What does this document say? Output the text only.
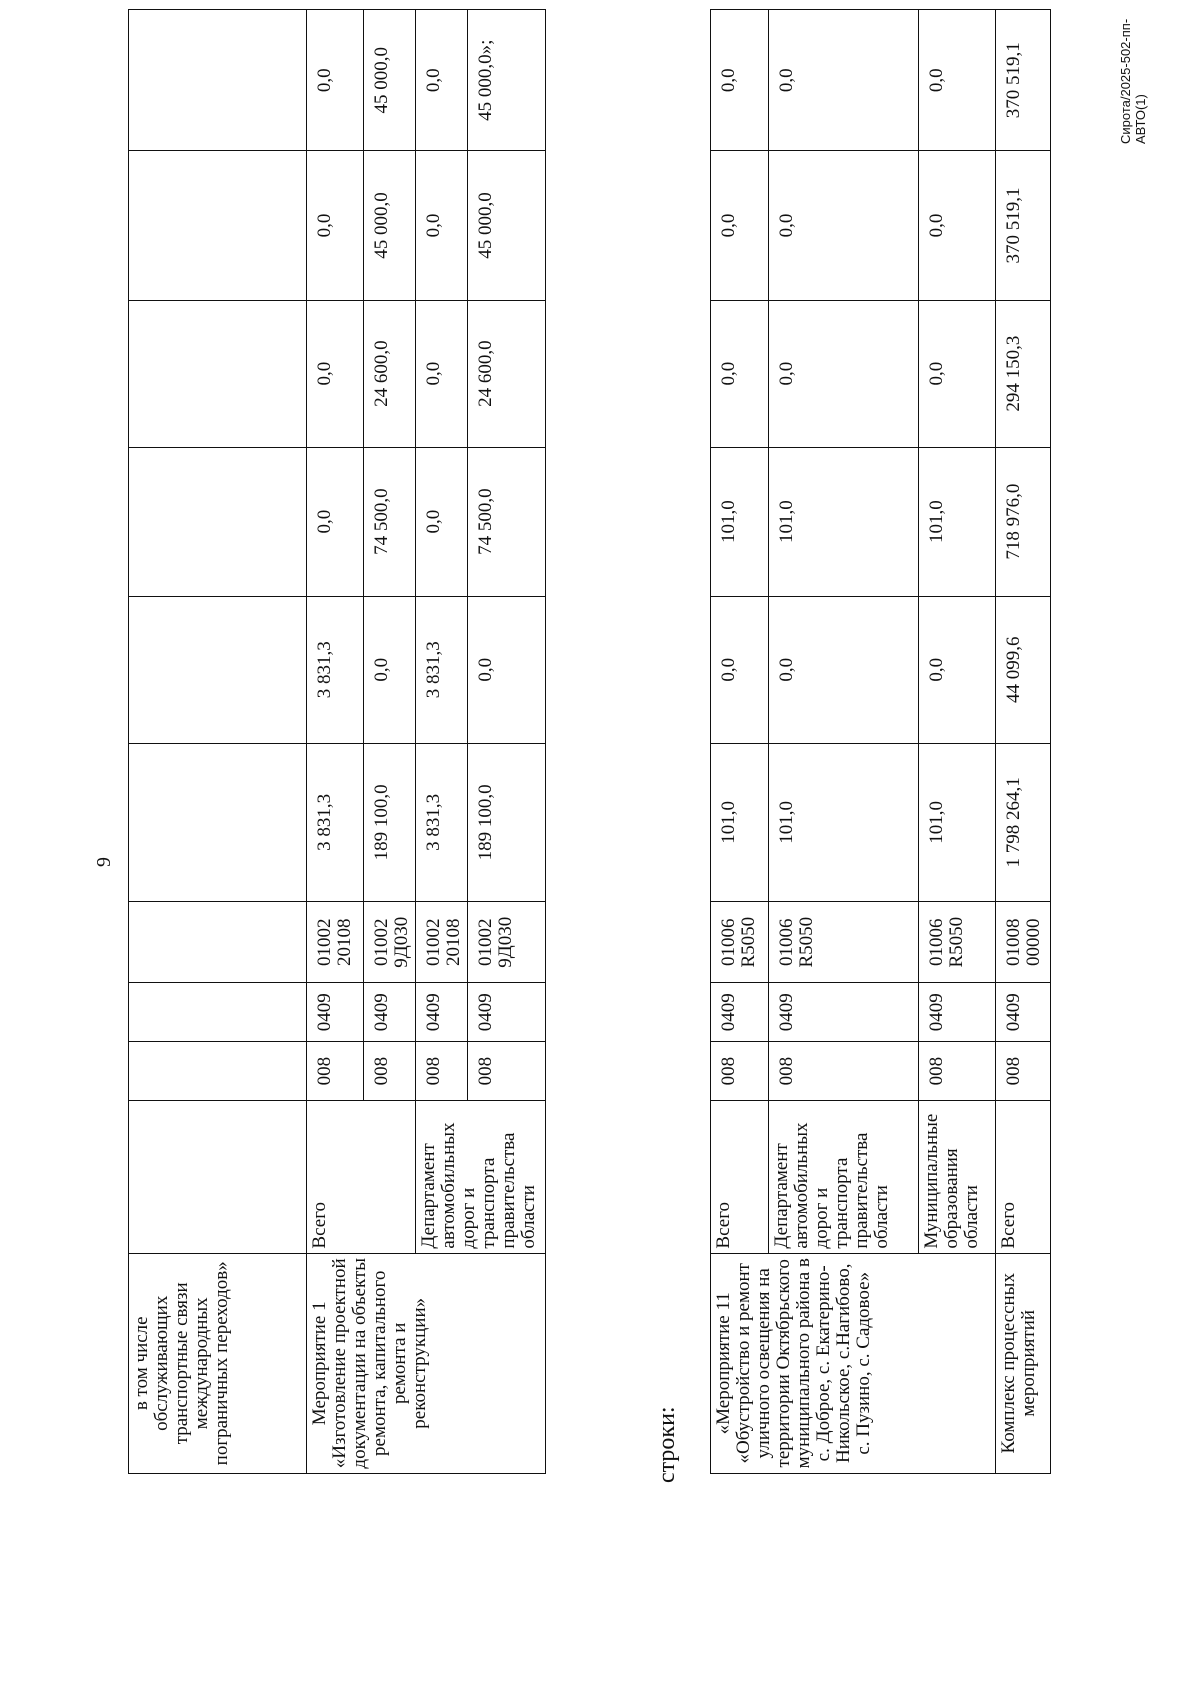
9
в том числе обслуживающих транспортные связи международных пограничных переходов»										
Мероприятие 1 «Изготовление проектной документации на объекты ремонта, капитального ремонта и реконструкции»	Всего	008	0409	01002 20108	3 831,3	3 831,3	0,0	0,0	0,0	0,0
		008	0409	01002 9Д030	189 100,0	0,0	74 500,0	24 600,0	45 000,0	45 000,0
	Департамент автомобильных дорог и транспорта правительства области	008	0409	01002 20108	3 831,3	3 831,3	0,0	0,0	0,0	0,0
		008	0409	01002 9Д030	189 100,0	0,0	74 500,0	24 600,0	45 000,0	45 000,0»;
строки:
«Мероприятие 11 «Обустройство и ремонт уличного освещения на территории Октябрьского муниципального района в с. Доброе, с. Екатерино-Никольское, с.Нагибово, с. Пузино, с. Садовое»	Всего	008	0409	01006 R5050	101,0	0,0	101,0	0,0	0,0	0,0
	Департамент автомобильных дорог и транспорта правительства области	008	0409	01006 R5050	101,0	0,0	101,0	0,0	0,0	0,0
	Муниципальные образования области	008	0409	01006 R5050	101,0	0,0	101,0	0,0	0,0	0,0
Комплекс процессных мероприятий	Всего	008	0409	01008 00000	1 798 264,1	44 099,6	718 976,0	294 150,3	370 519,1	370 519,1	Сирота/2025-502-пп-АВТО(1)
